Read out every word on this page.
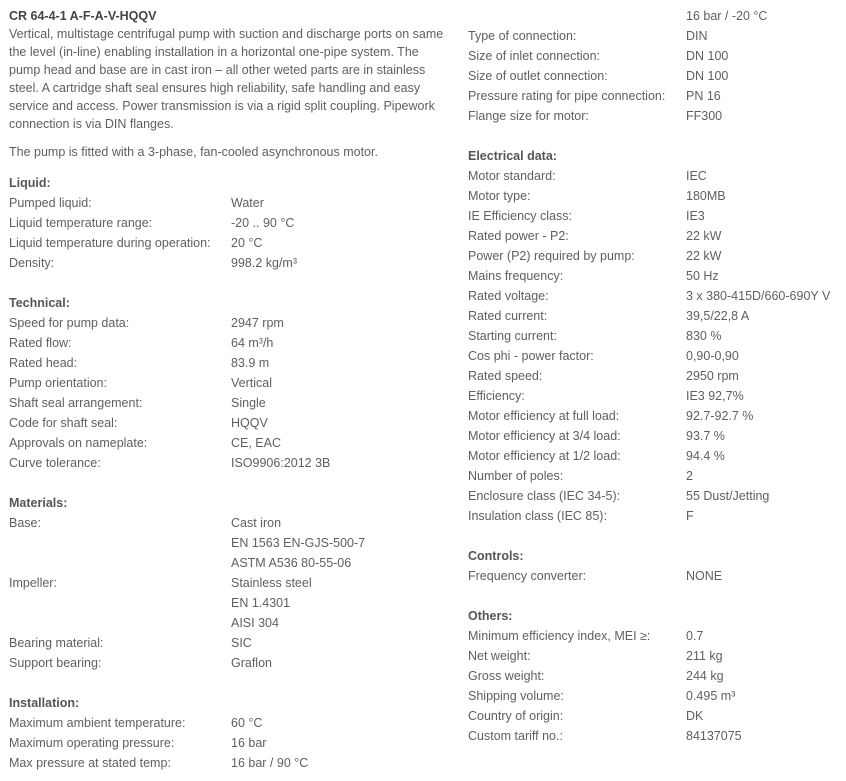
CR 64-4-1 A-F-A-V-HQQV

Vertical, multistage centrifugal pump with suction and discharge ports on same the level (in-line) enabling installation in a horizontal one-pipe system. The pump head and base are in cast iron – all other weted parts are in stainless steel. A cartridge shaft seal ensures high reliability, safe handling and easy service and access. Power transmission is via a rigid split coupling. Pipework connection is via DIN flanges.

The pump is fitted with a 3-phase, fan-cooled asynchronous motor.
Liquid:
Pumped liquid:	Water
Liquid temperature range:	-20 .. 90 °C
Liquid temperature during operation:	20 °C
Density:	998.2 kg/m³
Technical:
Speed for pump data:	2947 rpm
Rated flow:	64 m³/h
Rated head:	83.9 m
Pump orientation:	Vertical
Shaft seal arrangement:	Single
Code for shaft seal:	HQQV
Approvals on nameplate:	CE, EAC
Curve tolerance:	ISO9906:2012 3B
Materials:
Base:	Cast iron
EN 1563 EN-GJS-500-7
ASTM A536 80-55-06
Impeller:	Stainless steel
EN 1.4301
AISI 304
Bearing material:	SIC
Support bearing:	Graflon
Installation:
Maximum ambient temperature:	60 °C
Maximum operating pressure:	16 bar
Max pressure at stated temp:	16 bar / 90 °C
16 bar / -20 °C
Type of connection:	DIN
Size of inlet connection:	DN 100
Size of outlet connection:	DN 100
Pressure rating for pipe connection:	PN 16
Flange size for motor:	FF300
Electrical data:
Motor standard:	IEC
Motor type:	180MB
IE Efficiency class:	IE3
Rated power - P2:	22 kW
Power (P2) required by pump:	22 kW
Mains frequency:	50 Hz
Rated voltage:	3 x 380-415D/660-690Y V
Rated current:	39,5/22,8 A
Starting current:	830 %
Cos phi - power factor:	0,90-0,90
Rated speed:	2950 rpm
Efficiency:	IE3 92,7%
Motor efficiency at full load:	92.7-92.7 %
Motor efficiency at 3/4 load:	93.7 %
Motor efficiency at 1/2 load:	94.4 %
Number of poles:	2
Enclosure class (IEC 34-5):	55 Dust/Jetting
Insulation class (IEC 85):	F
Controls:
Frequency converter:	NONE
Others:
Minimum efficiency index, MEI ≥:	0.7
Net weight:	211 kg
Gross weight:	244 kg
Shipping volume:	0.495 m³
Country of origin:	DK
Custom tariff no.:	84137075
